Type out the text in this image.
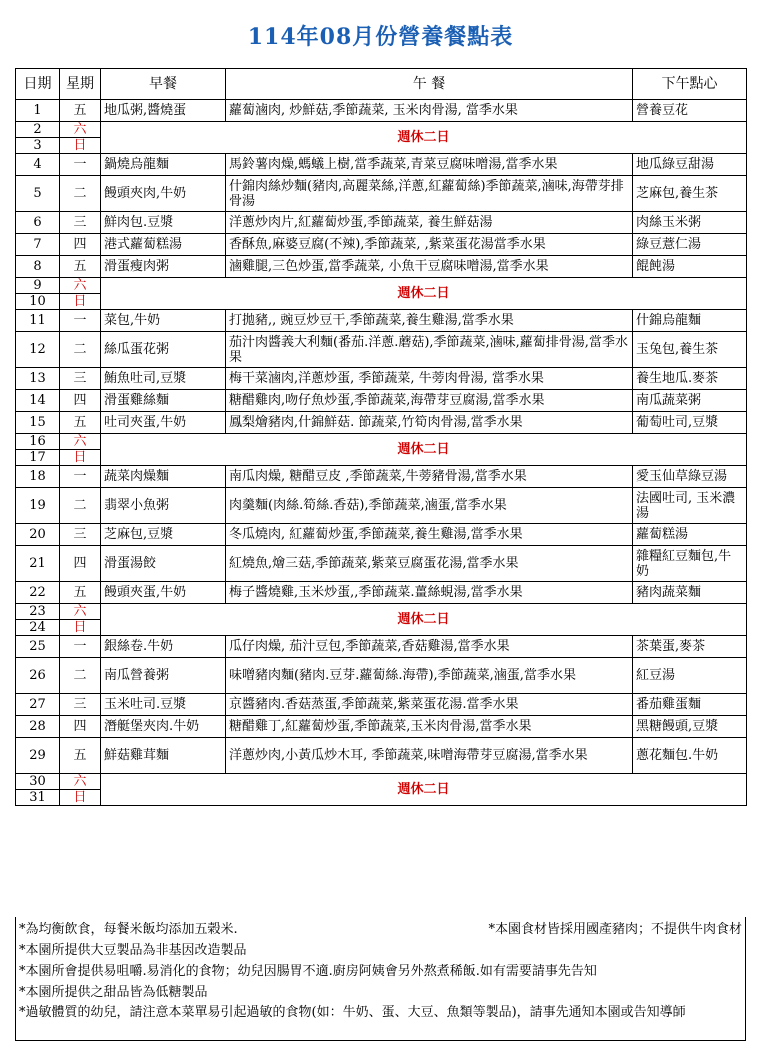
114年08月份營養餐點表
日期	星期	早餐	午 餐	下午點心
1	五	地瓜粥,醬燒蛋	蘿蔔滷肉, 炒鮮菇,季節蔬菜, 玉米肉骨湯, 當季水果	營養豆花
2	六	週休二日		
3	日			
4	一	鍋燒烏龍麵	馬鈴薯肉燥,螞蟻上樹,當季蔬菜,青菜豆腐味噌湯,當季水果	地瓜綠豆甜湯
5	二	饅頭夾肉,牛奶	什錦肉絲炒麵(豬肉,高麗菜絲,洋蔥,紅蘿蔔絲)季節蔬菜,滷味,海帶芽排骨湯	芝麻包,養生茶
6	三	鮮肉包.豆漿	洋蔥炒肉片,紅蘿蔔炒蛋,季節蔬菜, 養生鮮菇湯	肉絲玉米粥
7	四	港式蘿蔔糕湯	香酥魚,麻婆豆腐(不辣),季節蔬菜, ,紫菜蛋花湯當季水果	綠豆薏仁湯
8	五	滑蛋瘦肉粥	滷雞腿,三色炒蛋,當季蔬菜, 小魚干豆腐味噌湯,當季水果	餛飩湯
9	六	週休二日		
10	日			
11	一	菜包,牛奶	打拋豬,, 豌豆炒豆干,季節蔬菜,養生雞湯,當季水果	什錦烏龍麵
12	二	絲瓜蛋花粥	茄汁肉醬義大利麵(番茄.洋蔥.蘑菇),季節蔬菜,滷味,蘿蔔排骨湯,當季水果	玉兔包,養生茶
13	三	鮪魚吐司,豆漿	梅干菜滷肉,洋蔥炒蛋, 季節蔬菜, 牛蒡肉骨湯, 當季水果	養生地瓜.麥茶
14	四	滑蛋雞絲麵	糖醋雞肉,吻仔魚炒蛋,季節蔬菜,海帶芽豆腐湯,當季水果	南瓜蔬菜粥
15	五	吐司夾蛋,牛奶	鳳梨燴豬肉,什錦鮮菇. 節蔬菜,竹筍肉骨湯,當季水果	葡萄吐司,豆漿
16	六	週休二日		
17	日			
18	一	蔬菜肉燥麵	南瓜肉燥, 糖醋豆皮 ,季節蔬菜,牛蒡豬骨湯,當季水果	愛玉仙草綠豆湯
19	二	翡翠小魚粥	肉羹麵(肉絲.筍絲.香菇),季節蔬菜,滷蛋,當季水果	法國吐司, 玉米濃湯
20	三	芝麻包,豆漿	冬瓜燒肉, 紅蘿蔔炒蛋,季節蔬菜,養生雞湯,當季水果	蘿蔔糕湯
21	四	滑蛋湯餃	紅燒魚,燴三菇,季節蔬菜,紫菜豆腐蛋花湯,當季水果	雜糧紅豆麵包,牛奶
22	五	饅頭夾蛋,牛奶	梅子醬燒雞,玉米炒蛋,,季節蔬菜.薑絲蜆湯,當季水果	豬肉蔬菜麵
23	六	週休二日		
24	日			
25	一	銀絲卷.牛奶	瓜仔肉燥, 茄汁豆包,季節蔬菜,香菇雞湯,當季水果	茶葉蛋,麥茶
26	二	南瓜營養粥	味噌豬肉麵(豬肉.豆芽.蘿蔔絲.海帶),季節蔬菜,滷蛋,當季水果	紅豆湯
27	三	玉米吐司.豆漿	京醬豬肉.香菇蒸蛋,季節蔬菜,紫菜蛋花湯.當季水果	番茄雞蛋麵
28	四	潛艇堡夾肉.牛奶	糖醋雞丁,紅蘿蔔炒蛋,季節蔬菜,玉米肉骨湯,當季水果	黑糖饅頭,豆漿
29	五	鮮菇雞茸麵	洋蔥炒肉,小黃瓜炒木耳, 季節蔬菜,味噌海帶芽豆腐湯,當季水果	蔥花麵包.牛奶
30	六	週休二日		
31	日			
*為均衡飲食，每餐米飯均添加五榖米.	*本園食材皆採用國產豬肉；不提供牛肉食材
*本園所提供大豆製品為非基因改造製品
*本園所會提供易咀嚼.易消化的食物；幼兒因腸胃不適.廚房阿姨會另外熬煮稀飯.如有需要請事先告知
*本園所提供之甜品皆為低糖製品
*過敏體質的幼兒，請注意本菜單易引起過敏的食物(如：牛奶、蛋、大豆、魚類等製品)，請事先通知本園或告知導師
